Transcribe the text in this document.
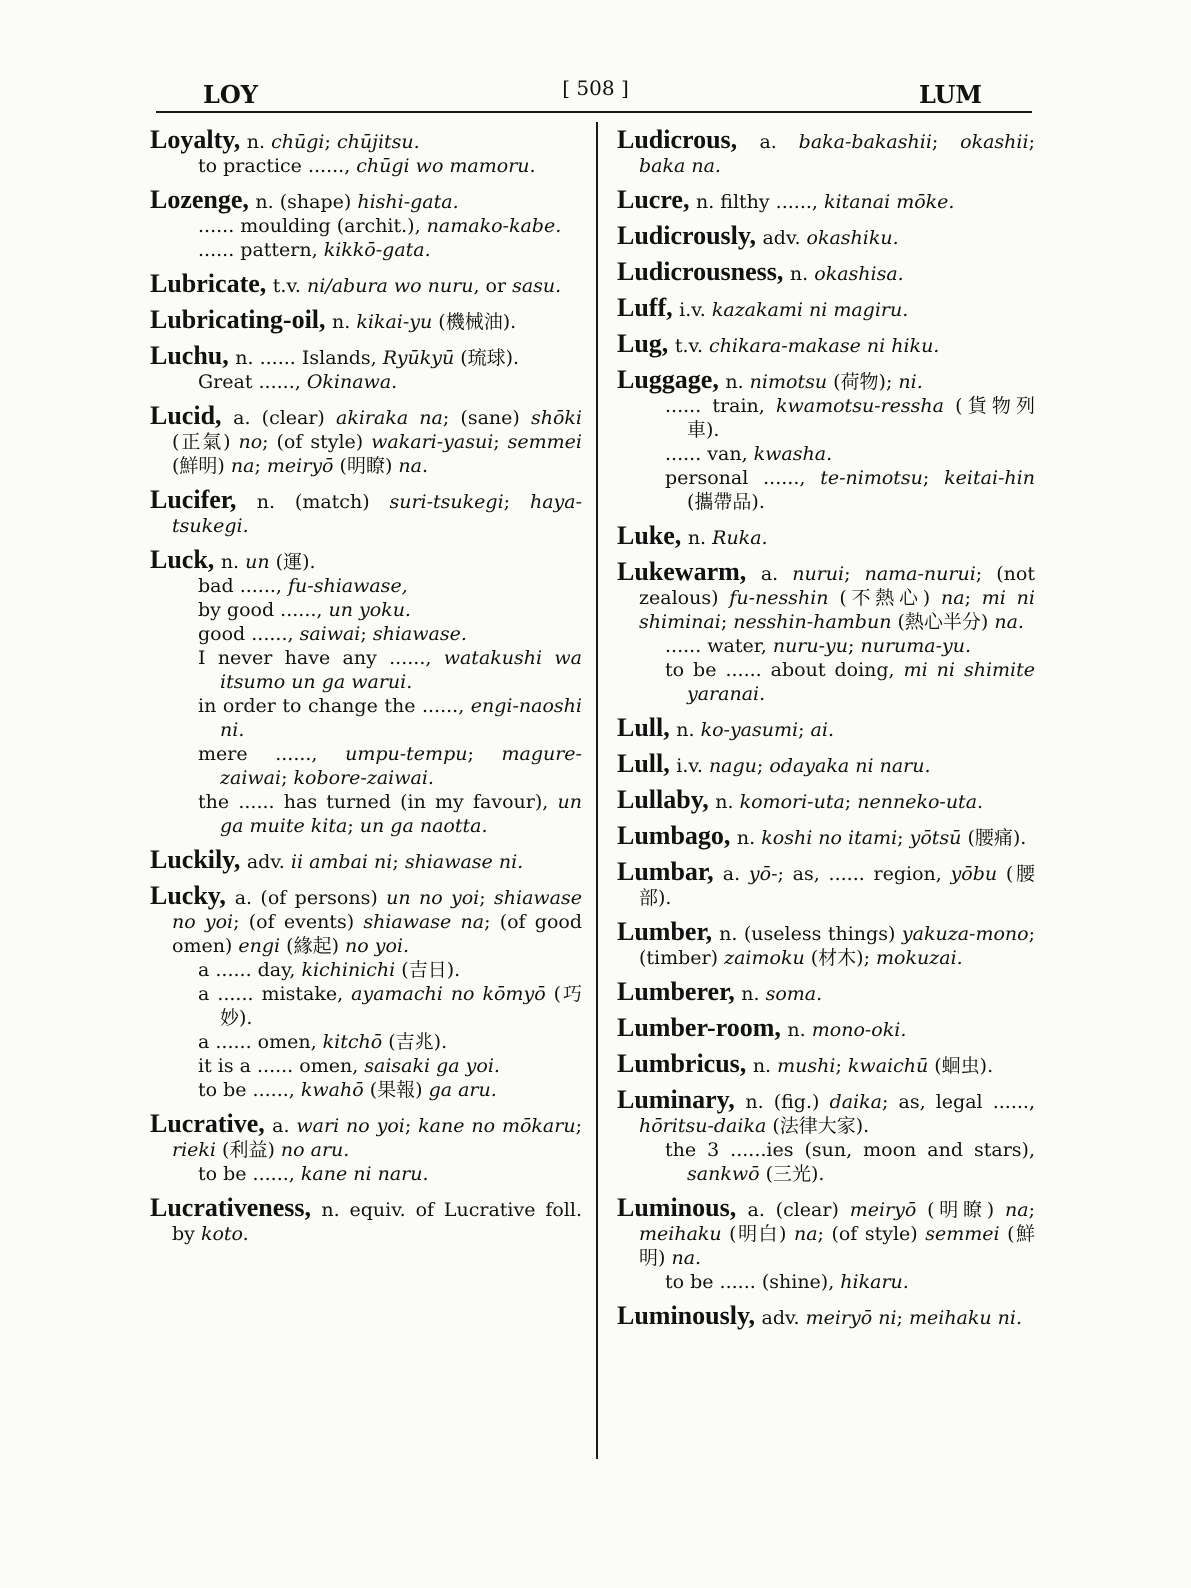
LOY	[ 508 ]	LUM
Loyalty, n. chūgi; chūjitsu.
to practice ......, chūgi wo mamoru.
Lozenge, n. (shape) hishi-gata.
...... moulding (archit.), namako-kabe.
...... pattern, kikkō-gata.
Lubricate, t.v. ni/abura wo nuru, or sasu.
Lubricating-oil, n. kikai-yu (機械油).
Luchu, n. ...... Islands, Ryūkyū (琉球).
Great ......, Okinawa.
Lucid, a. (clear) akiraka na; (sane) shōki (正氣) no; (of style) wakari-yasui; semmei (鮮明) na; meiryō (明瞭) na.
Lucifer, n. (match) suri-tsukegi; haya-tsukegi.
Luck, n. un (運).
bad ......, fu-shiawase,
by good ......, un yoku.
good ......, saiwai; shiawase.
I never have any ......, watakushi wa itsumo un ga warui.
in order to change the ......, engi-naoshi ni.
mere ......, umpu-tempu; magure-zaiwai; kobore-zaiwai.
the ...... has turned (in my favour), un ga muite kita; un ga naotta.
Luckily, adv. ii ambai ni; shiawase ni.
Lucky, a. (of persons) un no yoi; shiawase no yoi; (of events) shiawase na; (of good omen) engi (緣起) no yoi.
a ...... day, kichinichi (吉日).
a ...... mistake, ayamachi no kōmyō (巧妙).
a ...... omen, kitchō (吉兆).
it is a ...... omen, saisaki ga yoi.
to be ......, kwahō (果報) ga aru.
Lucrative, a. wari no yoi; kane no mōkaru; rieki (利益) no aru.
to be ......, kane ni naru.
Lucrativeness, n. equiv. of Lucrative foll. by koto.
Ludicrous, a. baka-bakashii; okashii; baka na.
Lucre, n. filthy ......, kitanai mōke.
Ludicrously, adv. okashiku.
Ludicrousness, n. okashisa.
Luff, i.v. kazakami ni magiru.
Lug, t.v. chikara-makase ni hiku.
Luggage, n. nimotsu (荷物); ni.
...... train, kwamotsu-ressha (貨物列車).
...... van, kwasha.
personal ......, te-nimotsu; keitai-hin (攜帶品).
Luke, n. Ruka.
Lukewarm, a. nurui; nama-nurui; (not zealous) fu-nesshin (不熱心) na; mi ni shiminai; nesshin-hambun (熱心半分) na.
...... water, nuru-yu; nuruma-yu.
to be ...... about doing, mi ni shimite yaranai.
Lull, n. ko-yasumi; ai.
Lull, i.v. nagu; odayaka ni naru.
Lullaby, n. komori-uta; nenneko-uta.
Lumbago, n. koshi no itami; yōtsū (腰痛).
Lumbar, a. yō-; as, ...... region, yōbu (腰部).
Lumber, n. (useless things) yakuza-mono; (timber) zaimoku (材木); mokuzai.
Lumberer, n. soma.
Lumber-room, n. mono-oki.
Lumbricus, n. mushi; kwaichū (蛔虫).
Luminary, n. (fig.) daika; as, legal ......, hōritsu-daika (法律大家).
the 3 ......ies (sun, moon and stars), sankwō (三光).
Luminous, a. (clear) meiryō (明瞭) na; meihaku (明白) na; (of style) semmei (鮮明) na.
to be ...... (shine), hikaru.
Luminously, adv. meiryō ni; meihaku ni.
